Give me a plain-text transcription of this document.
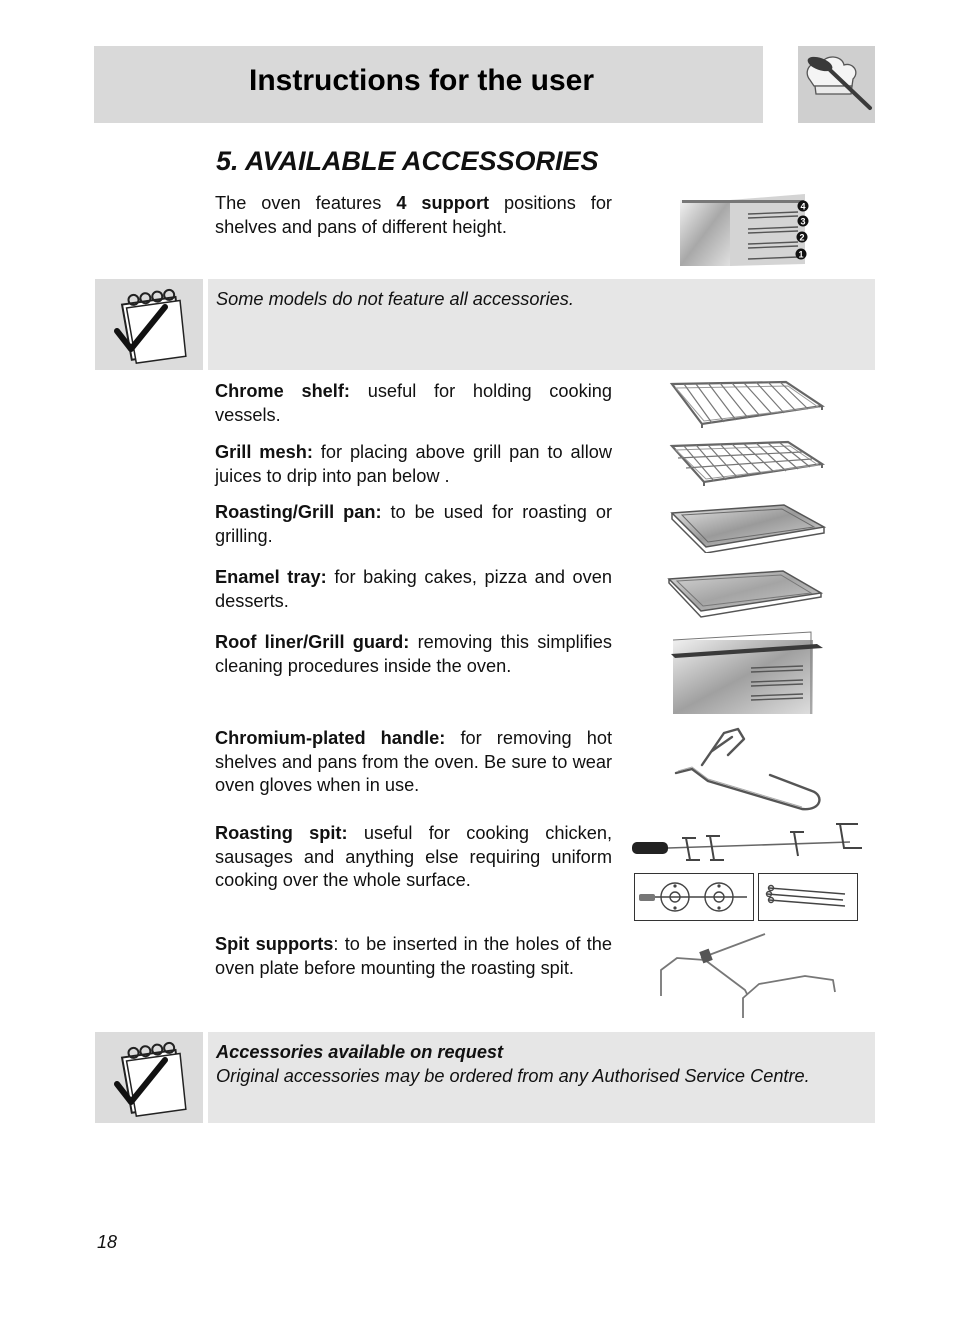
Instructions for the user
5. AVAILABLE ACCESSORIES

The oven features 4 support positions for shelves and pans of different height.

4
3
2
1
Some models do not feature all accessories.

Chrome shelf: useful for holding cooking vessels.

Grill mesh: for placing above grill pan to allow juices to drip into pan below .

Roasting/Grill pan: to be used for roasting or grilling.

Enamel tray: for baking cakes, pizza and oven desserts.

Roof liner/Grill guard: removing this simplifies cleaning procedures inside the oven.

Chromium-plated handle: for removing hot shelves and pans from the oven. Be sure to wear oven gloves when in use.

Roasting spit: useful for cooking chicken, sausages and anything else requiring uniform cooking over the whole surface.

Spit supports: to be inserted in the holes of the oven plate before mounting the roasting spit.

Accessories available on request
Original accessories may be ordered from any Authorised Service Centre.
18
